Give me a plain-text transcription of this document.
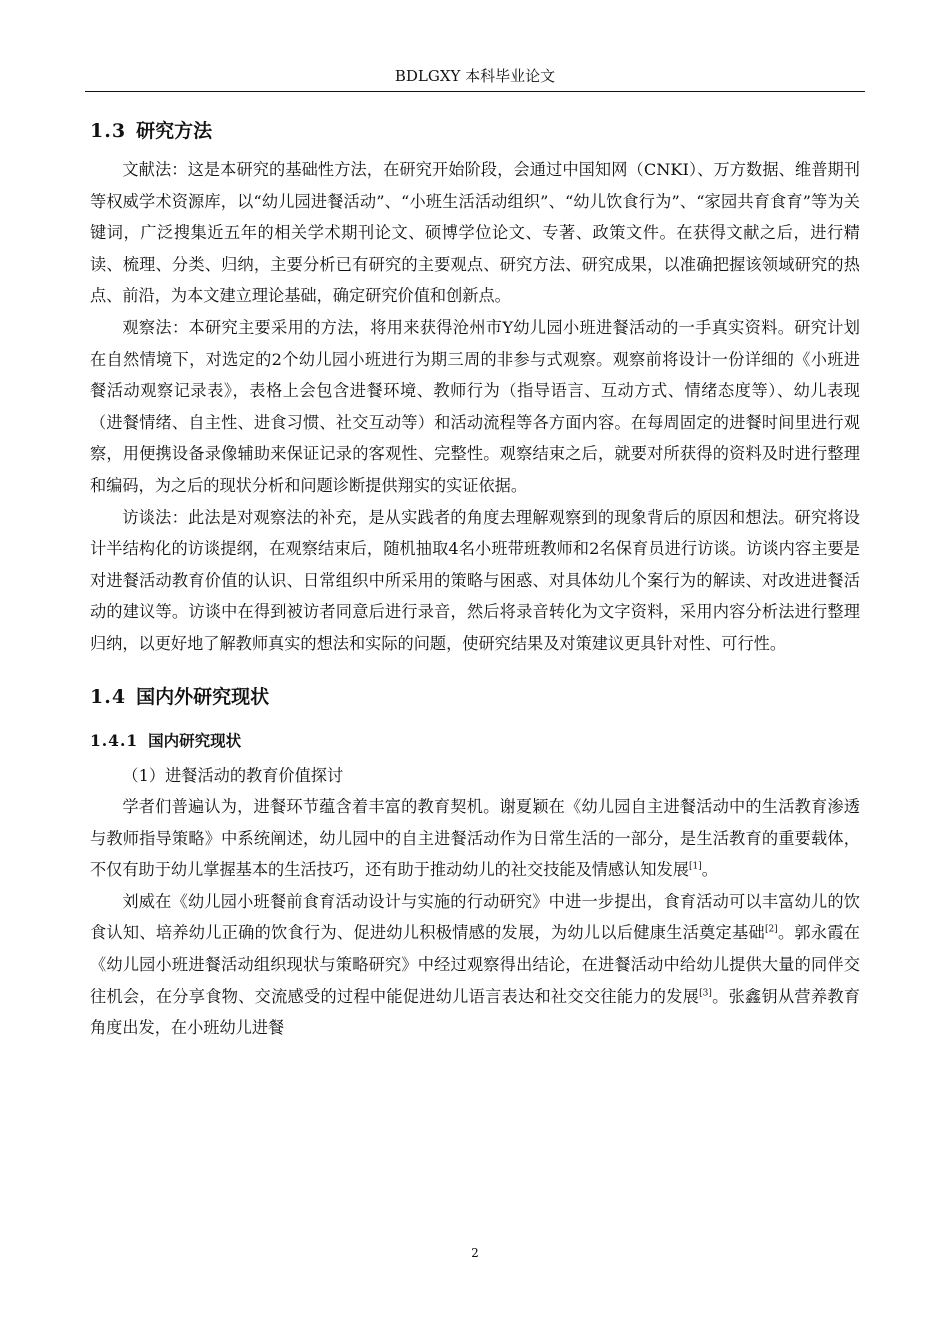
BDLGXY 本科毕业论文
1.3 研究方法

文献法：这是本研究的基础性方法，在研究开始阶段，会通过中国知网（CNKI）、万方数据、维普期刊等权威学术资源库，以“幼儿园进餐活动”、“小班生活活动组织”、“幼儿饮食行为”、“家园共育食育”等为关键词，广泛搜集近五年的相关学术期刊论文、硕博学位论文、专著、政策文件。在获得文献之后，进行精读、梳理、分类、归纳，主要分析已有研究的主要观点、研究方法、研究成果，以准确把握该领域研究的热点、前沿，为本文建立理论基础，确定研究价值和创新点。

观察法：本研究主要采用的方法，将用来获得沧州市Y幼儿园小班进餐活动的一手真实资料。研究计划在自然情境下，对选定的2个幼儿园小班进行为期三周的非参与式观察。观察前将设计一份详细的《小班进餐活动观察记录表》，表格上会包含进餐环境、教师行为（指导语言、互动方式、情绪态度等）、幼儿表现（进餐情绪、自主性、进食习惯、社交互动等）和活动流程等各方面内容。在每周固定的进餐时间里进行观察，用便携设备录像辅助来保证记录的客观性、完整性。观察结束之后，就要对所获得的资料及时进行整理和编码，为之后的现状分析和问题诊断提供翔实的实证依据。

访谈法：此法是对观察法的补充，是从实践者的角度去理解观察到的现象背后的原因和想法。研究将设计半结构化的访谈提纲，在观察结束后，随机抽取4名小班带班教师和2名保育员进行访谈。访谈内容主要是对进餐活动教育价值的认识、日常组织中所采用的策略与困惑、对具体幼儿个案行为的解读、对改进进餐活动的建议等。访谈中在得到被访者同意后进行录音，然后将录音转化为文字资料，采用内容分析法进行整理归纳，以更好地了解教师真实的想法和实际的问题，使研究结果及对策建议更具针对性、可行性。

1.4 国内外研究现状
1.4.1 国内研究现状

（1）进餐活动的教育价值探讨

学者们普遍认为，进餐环节蕴含着丰富的教育契机。谢夏颖在《幼儿园自主进餐活动中的生活教育渗透与教师指导策略》中系统阐述，幼儿园中的自主进餐活动作为日常生活的一部分，是生活教育的重要载体，不仅有助于幼儿掌握基本的生活技巧，还有助于推动幼儿的社交技能及情感认知发展[1]。

刘威在《幼儿园小班餐前食育活动设计与实施的行动研究》中进一步提出，食育活动可以丰富幼儿的饮食认知、培养幼儿正确的饮食行为、促进幼儿积极情感的发展，为幼儿以后健康生活奠定基础[2]。郭永霞在《幼儿园小班进餐活动组织现状与策略研究》中经过观察得出结论，在进餐活动中给幼儿提供大量的同伴交往机会，在分享食物、交流感受的过程中能促进幼儿语言表达和社交交往能力的发展[3]。张鑫钥从营养教育角度出发，在小班幼儿进餐

2
